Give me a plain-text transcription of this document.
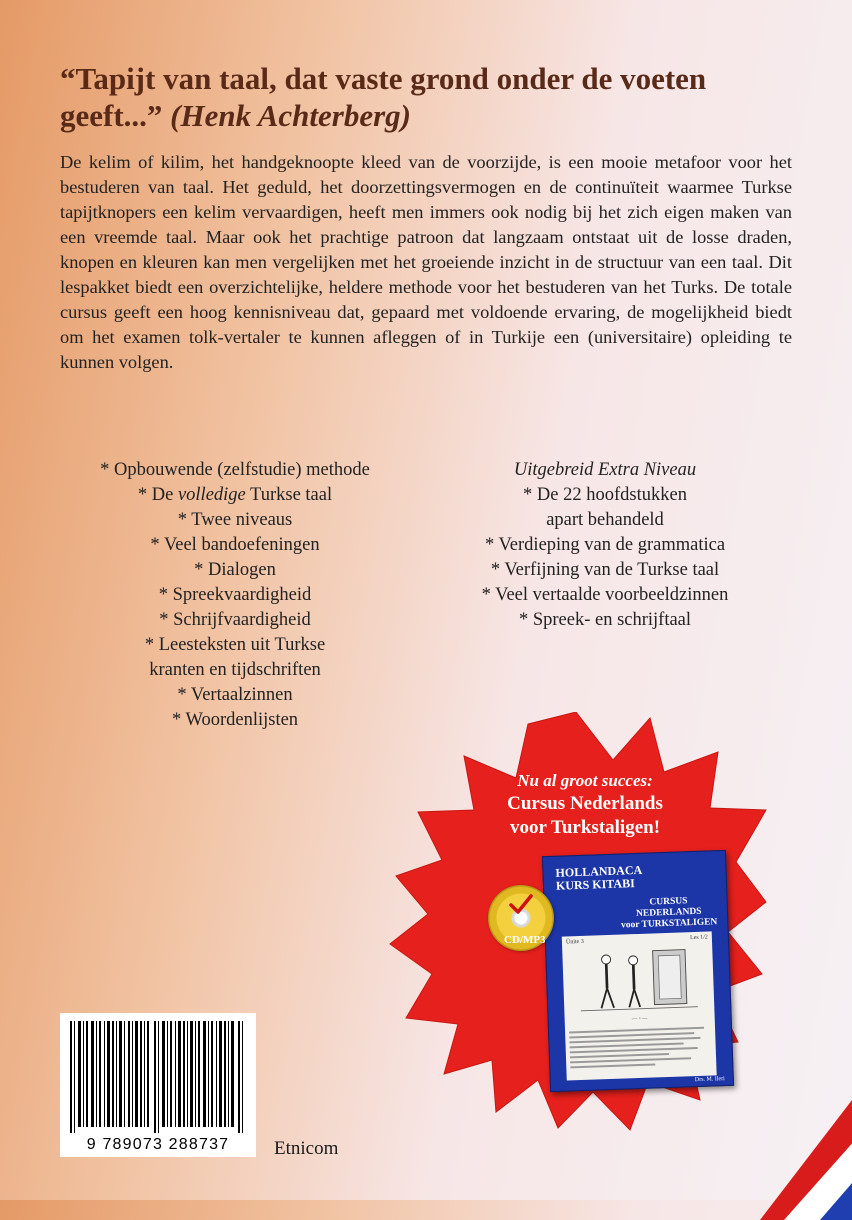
“Tapijt van taal, dat vaste grond onder de voeten geeft...” (Henk Achterberg)

De kelim of kilim, het handgeknoopte kleed van de voorzijde, is een mooie metafoor voor het bestuderen van taal. Het geduld, het doorzettingsvermogen en de continuïteit waarmee Turkse tapijtknopers een kelim vervaardigen, heeft men immers ook nodig bij het zich eigen maken van een vreemde taal. Maar ook het prachtige patroon dat langzaam ontstaat uit de losse draden, knopen en kleuren kan men vergelijken met het groeiende inzicht in de structuur van een taal. Dit lespakket biedt een overzichtelijke, heldere methode voor het bestuderen van het Turks. De totale cursus geeft een hoog kennisniveau dat, gepaard met voldoende ervaring, de mogelijkheid biedt om het examen tolk-vertaler te kunnen afleggen of in Turkije een (universitaire) opleiding te kunnen volgen.

* Opbouwende (zelfstudie) methode
* De volledige Turkse taal
* Twee niveaus
* Veel bandoefeningen
* Dialogen
* Spreekvaardigheid
* Schrijfvaardigheid
* Leesteksten uit Turkse
kranten en tijdschriften
* Vertaalzinnen
* Woordenlijsten
Uitgebreid Extra Niveau
* De 22 hoofdstukken
apart behandeld
* Verdieping van de grammatica
* Verfijning van de Turkse taal
* Veel vertaalde voorbeeldzinnen
* Spreek- en schrijftaal
Nu al groot succes:
Cursus Nederlands
voor Turkstaligen!
HOLLANDACA
KURS KITABI
CURSUS
NEDERLANDS
voor TURKSTALIGEN
Ünite 3
Les 1/2
— ◦ —
Drs. M. Ileri
CD/MP3
9 789073 288737	Etnicom
